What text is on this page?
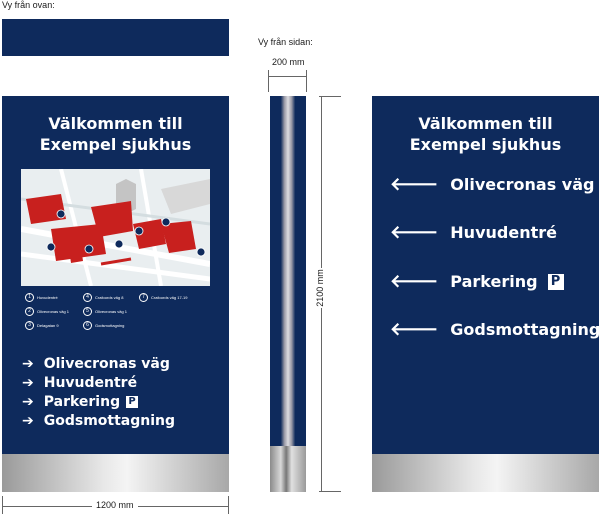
Vy från ovan:
Vy från sidan:
200 mm
2100 mm
Välkommen till
Exempel sjukhus
1	Huvudentré	4	Crafoords väg 8	7	Crafoords väg 17-19
2	Olivecronas väg 1	5	Olivecronas väg 1
3	Delagatan 9	6	Godsmottagning
➔ Olivecronas väg
➔ Huvudentré
➔ Parkering P
➔ Godsmottagning
1200 mm
Välkommen till
Exempel sjukhus
🡐 Olivecronas väg
🡐 Huvudentré
🡐 Parkering P
🡐 Godsmottagning
